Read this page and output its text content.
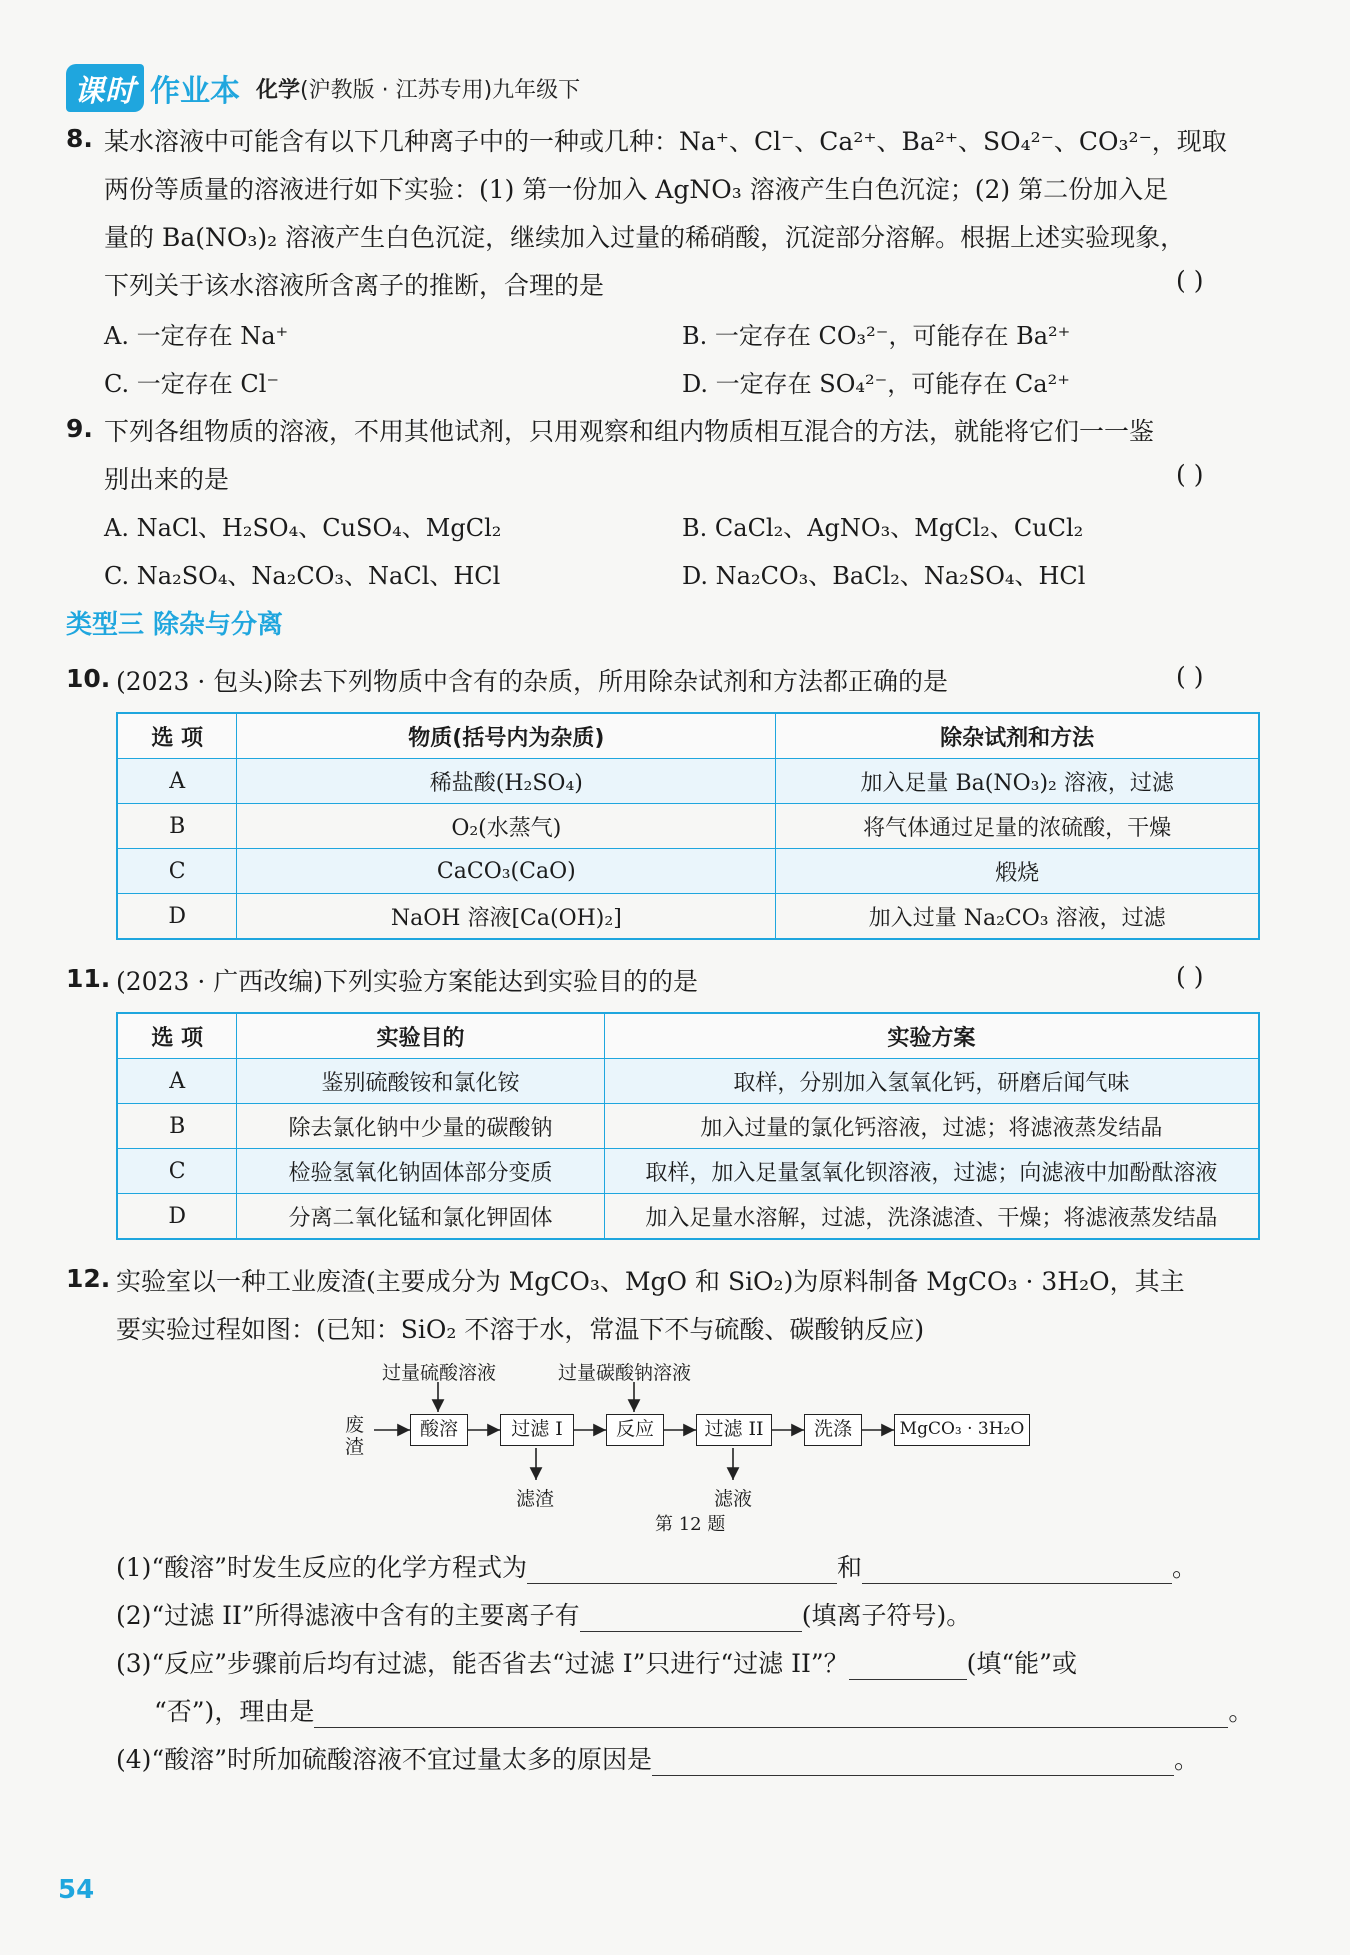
课时 作业本 化学(沪教版 · 江苏专用)九年级下
8. 某水溶液中可能含有以下几种离子中的一种或几种：Na⁺、Cl⁻、Ca²⁺、Ba²⁺、SO₄²⁻、CO₃²⁻，现取
两份等质量的溶液进行如下实验：(1) 第一份加入 AgNO₃ 溶液产生白色沉淀；(2) 第二份加入足
量的 Ba(NO₃)₂ 溶液产生白色沉淀，继续加入过量的稀硝酸，沉淀部分溶解。根据上述实验现象，
下列关于该水溶液所含离子的推断，合理的是	( )
A. 一定存在 Na⁺	B. 一定存在 CO₃²⁻，可能存在 Ba²⁺
C. 一定存在 Cl⁻	D. 一定存在 SO₄²⁻，可能存在 Ca²⁺
9. 下列各组物质的溶液，不用其他试剂，只用观察和组内物质相互混合的方法，就能将它们一一鉴
别出来的是	( )
A. NaCl、H₂SO₄、CuSO₄、MgCl₂	B. CaCl₂、AgNO₃、MgCl₂、CuCl₂
C. Na₂SO₄、Na₂CO₃、NaCl、HCl	D. Na₂CO₃、BaCl₂、Na₂SO₄、HCl
类型三 除杂与分离
10. (2023 · 包头)除去下列物质中含有的杂质，所用除杂试剂和方法都正确的是	( )
选 项	物质(括号内为杂质)	除杂试剂和方法
A	稀盐酸(H₂SO₄)	加入足量 Ba(NO₃)₂ 溶液，过滤
B	O₂(水蒸气)	将气体通过足量的浓硫酸，干燥
C	CaCO₃(CaO)	煅烧
D	NaOH 溶液[Ca(OH)₂]	加入过量 Na₂CO₃ 溶液，过滤
11. (2023 · 广西改编)下列实验方案能达到实验目的的是	( )
选 项	实验目的	实验方案
A	鉴别硫酸铵和氯化铵	取样，分别加入氢氧化钙，研磨后闻气味
B	除去氯化钠中少量的碳酸钠	加入过量的氯化钙溶液，过滤；将滤液蒸发结晶
C	检验氢氧化钠固体部分变质	取样，加入足量氢氧化钡溶液，过滤；向滤液中加酚酞溶液
D	分离二氧化锰和氯化钾固体	加入足量水溶解，过滤，洗涤滤渣、干燥；将滤液蒸发结晶
12. 实验室以一种工业废渣(主要成分为 MgCO₃、MgO 和 SiO₂)为原料制备 MgCO₃ · 3H₂O，其主
要实验过程如图：(已知：SiO₂ 不溶于水，常温下不与硫酸、碳酸钠反应)
废渣
酸溶	过滤 I	反应	过滤 II	洗涤	MgCO₃ · 3H₂O
过量硫酸溶液	过量碳酸钠溶液
滤渣	滤液
第 12 题
(1)“酸溶”时发生反应的化学方程式为	和	。
(2)“过滤 II”所得滤液中含有的主要离子有	(填离子符号)。
(3)“反应”步骤前后均有过滤，能否省去“过滤 I”只进行“过滤 II”？	(填“能”或
“否”)，理由是	。
(4)“酸溶”时所加硫酸溶液不宜过量太多的原因是	。
54
